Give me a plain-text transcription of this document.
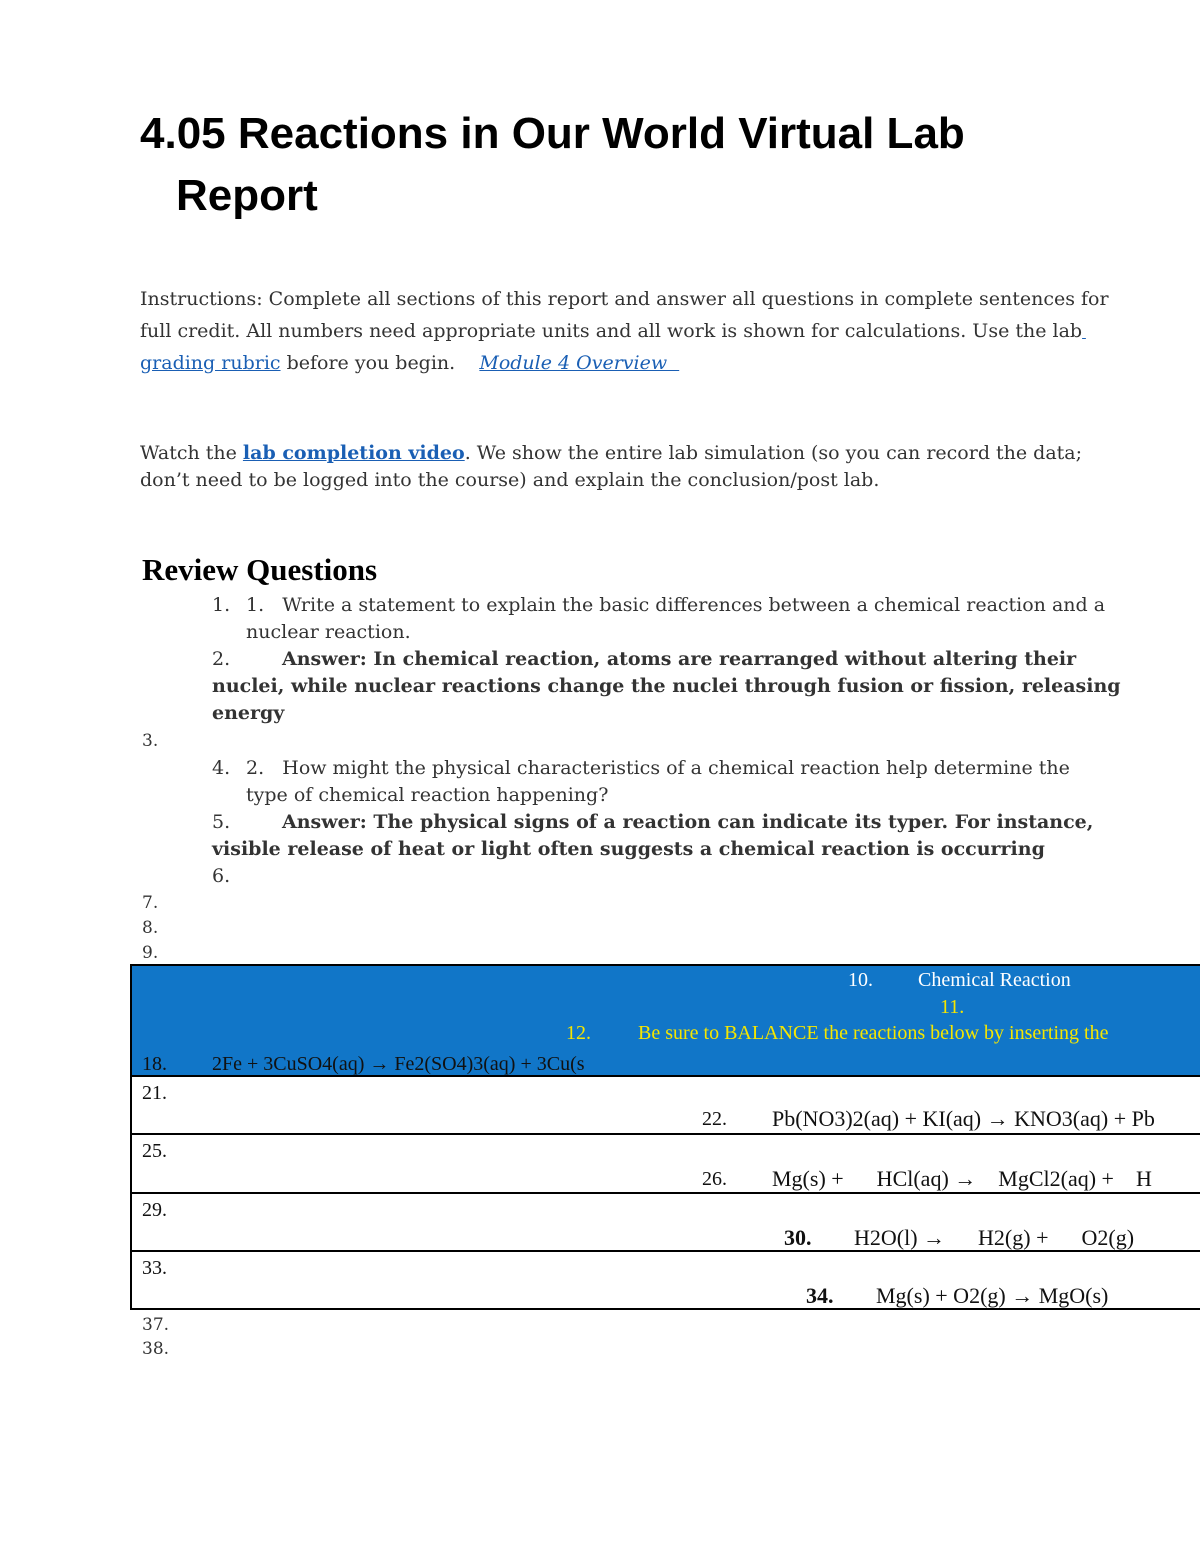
4.05 Reactions in Our World Virtual Lab
Report
Instructions: Complete all sections of this report and answer all questions in complete sentences for
full credit. All numbers need appropriate units and all work is shown for calculations. Use the lab 
grading rubric before you begin.    Module 4 Overview
Watch the lab completion video. We show the entire lab simulation (so you can record the data;
don’t need to be logged into the course) and explain the conclusion/post lab.
Review Questions
1. 1.   Write a statement to explain the basic differences between a chemical reaction and a
nuclear reaction.
2.	Answer: In chemical reaction, atoms are rearranged without altering their
nuclei, while nuclear reactions change the nuclei through fusion or fission, releasing
energy
3.
4. 2.   How might the physical characteristics of a chemical reaction help determine the
type of chemical reaction happening?
5.	Answer: The physical signs of a reaction can indicate its typer. For instance,
visible release of heat or light often suggests a chemical reaction is occurring
6.
7.
8.
9.
10. Chemical Reaction
11.
12. Be sure to BALANCE the reactions below by inserting the
18. 2Fe + 3CuSO4(aq) → Fe2(SO4)3(aq) + 3Cu(s
21.
22. Pb(NO3)2(aq) + KI(aq) → KNO3(aq) + Pb
25.
26. Mg(s) +      HCl(aq) →    MgCl2(aq) +    H
29.
30. H2O(l) →      H2(g) +      O2(g)
33.
34. Mg(s) + O2(g) → MgO(s)
37.
38.
